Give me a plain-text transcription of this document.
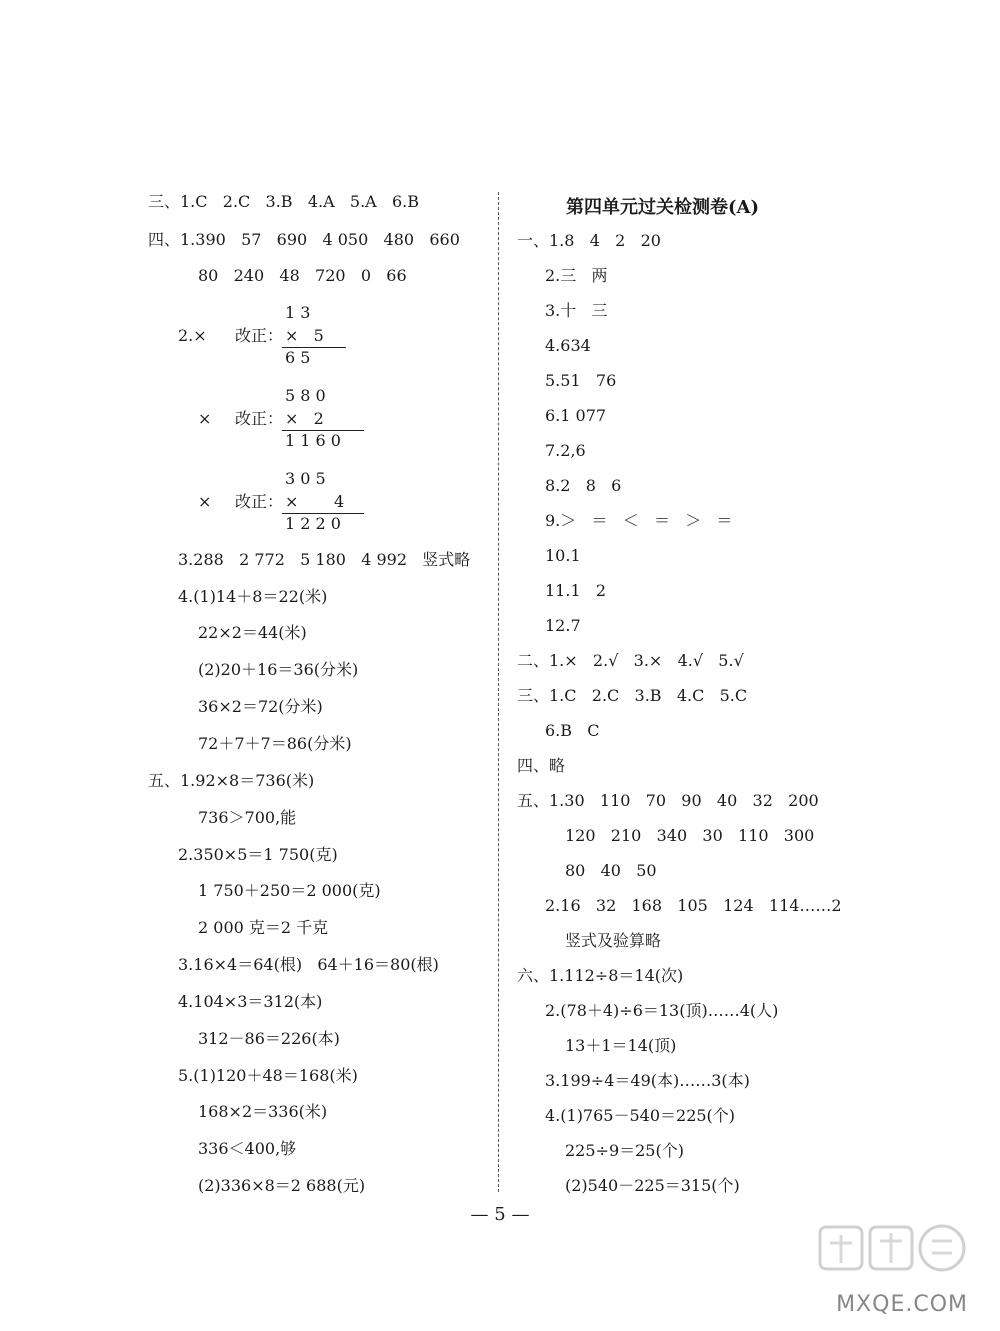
三、1.C   2.C   3.B   4.A   5.A   6.B
四、1.390   57   690   4 050   480   660
80   240   48   720   0   66
1 3
2.× 改正： ×   5
6 5
5 8 0
× 改正： ×   2
1 1 6 0
3 0 5
× 改正： ×       4
1 2 2 0
3.288   2 772   5 180   4 992   竖式略
4.(1)14＋8＝22(米)
22×2＝44(米)
(2)20＋16＝36(分米)
36×2＝72(分米)
72＋7＋7＝86(分米)
五、1.92×8＝736(米)
736＞700,能
2.350×5＝1 750(克)
1 750＋250＝2 000(克)
2 000 克＝2 千克
3.16×4＝64(根)   64＋16＝80(根)
4.104×3＝312(本)
312－86＝226(本)
5.(1)120＋48＝168(米)
168×2＝336(米)
336＜400,够
(2)336×8＝2 688(元)
第四单元过关检测卷(A)
一、1.8   4   2   20
2.三   两
3.十   三
4.634
5.51   76
6.1 077
7.2,6
8.2   8   6
9.＞   ＝   ＜   ＝   ＞   ＝
10.1
11.1   2
12.7
二、1.×   2.√   3.×   4.√   5.√
三、1.C   2.C   3.B   4.C   5.C
6.B   C
四、略
五、1.30   110   70   90   40   32   200
120   210   340   30   110   300
80   40   50
2.16   32   168   105   124   114……2
竖式及验算略
六、1.112÷8＝14(次)
2.(78＋4)÷6＝13(顶)……4(人)
13＋1＝14(顶)
3.199÷4＝49(本)……3(本)
4.(1)765－540＝225(个)
225÷9＝25(个)
(2)540－225＝315(个)
— 5 —
MXQE.COM
